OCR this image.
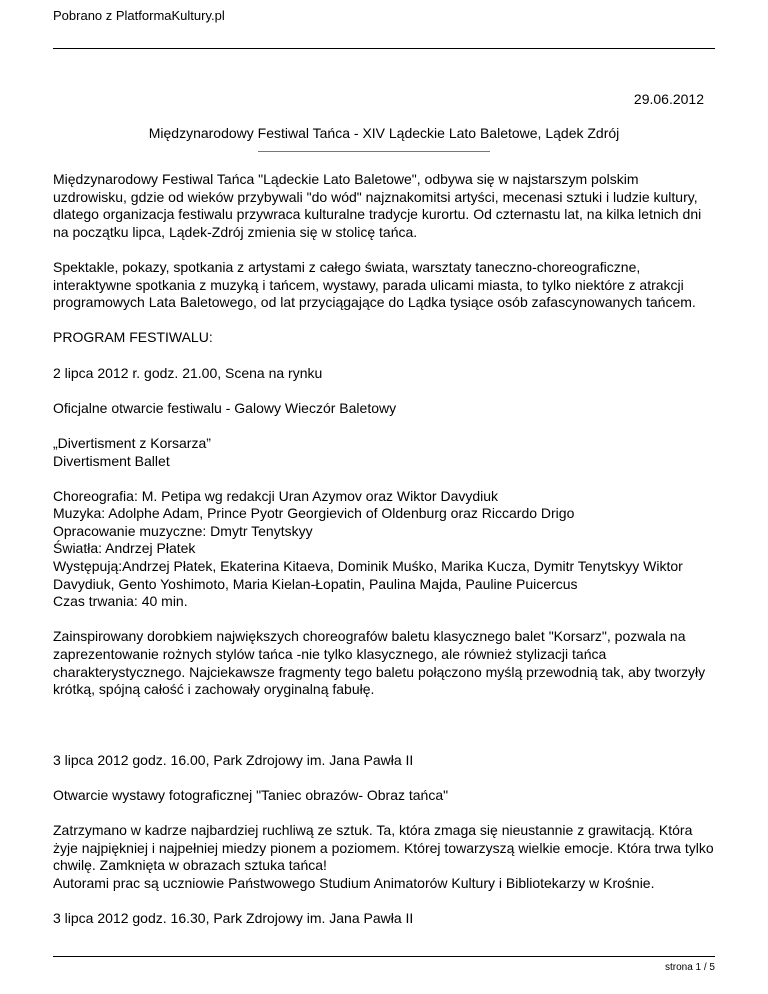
Pobrano z PlatformaKultury.pl
29.06.2012
Międzynarodowy Festiwal Tańca - XIV Lądeckie Lato Baletowe, Lądek Zdrój

Międzynarodowy Festiwal Tańca "Lądeckie Lato Baletowe", odbywa się w najstarszym polskim uzdrowisku, gdzie od wieków przybywali "do wód" najznakomitsi artyści, mecenasi sztuki i ludzie kultury, dlatego organizacja festiwalu przywraca kulturalne tradycje kurortu. Od czternastu lat, na kilka letnich dni na początku lipca, Lądek-Zdrój zmienia się w stolicę tańca.

Spektakle, pokazy, spotkania z artystami z całego świata, warsztaty taneczno-choreograficzne, interaktywne spotkania z muzyką i tańcem, wystawy, parada ulicami miasta, to tylko niektóre z atrakcji programowych Lata Baletowego, od lat przyciągające do Lądka tysiące osób zafascynowanych tańcem.

PROGRAM FESTIWALU:

2 lipca 2012 r. godz. 21.00, Scena na rynku

Oficjalne otwarcie festiwalu - Galowy Wieczór Baletowy

„Divertisment z Korsarza”
Divertisment Ballet

Choreografia: M. Petipa wg redakcji Uran Azymov oraz Wiktor Davydiuk
Muzyka: Adolphe Adam, Prince Pyotr Georgievich of Oldenburg oraz Riccardo Drigo
Opracowanie muzyczne: Dmytr Tenytskyy
Światła: Andrzej Płatek
Występują:Andrzej Płatek, Ekaterina Kitaeva, Dominik Muśko, Marika Kucza, Dymitr Tenytskyy Wiktor Davydiuk, Gento Yoshimoto, Maria Kielan-Łopatin, Paulina Majda, Pauline Puicercus
Czas trwania: 40 min.

Zainspirowany dorobkiem największych choreografów baletu klasycznego balet "Korsarz", pozwala na zaprezentowanie rożnych stylów tańca -nie tylko klasycznego, ale również stylizacji tańca charakterystycznego. Najciekawsze fragmenty tego baletu połączono myślą przewodnią tak, aby tworzyły krótką, spójną całość i zachowały oryginalną fabułę.

3 lipca 2012 godz. 16.00, Park Zdrojowy im. Jana Pawła II

Otwarcie wystawy fotograficznej "Taniec obrazów- Obraz tańca"

Zatrzymano w kadrze najbardziej ruchliwą ze sztuk. Ta, która zmaga się nieustannie z grawitacją. Która żyje najpiękniej i najpełniej miedzy pionem a poziomem. Której towarzyszą wielkie emocje. Która trwa tylko chwilę. Zamknięta w obrazach sztuka tańca!
Autorami prac są uczniowie Państwowego Studium Animatorów Kultury i Bibliotekarzy w Krośnie.

3 lipca 2012 godz. 16.30, Park Zdrojowy im. Jana Pawła II

strona 1 / 5
